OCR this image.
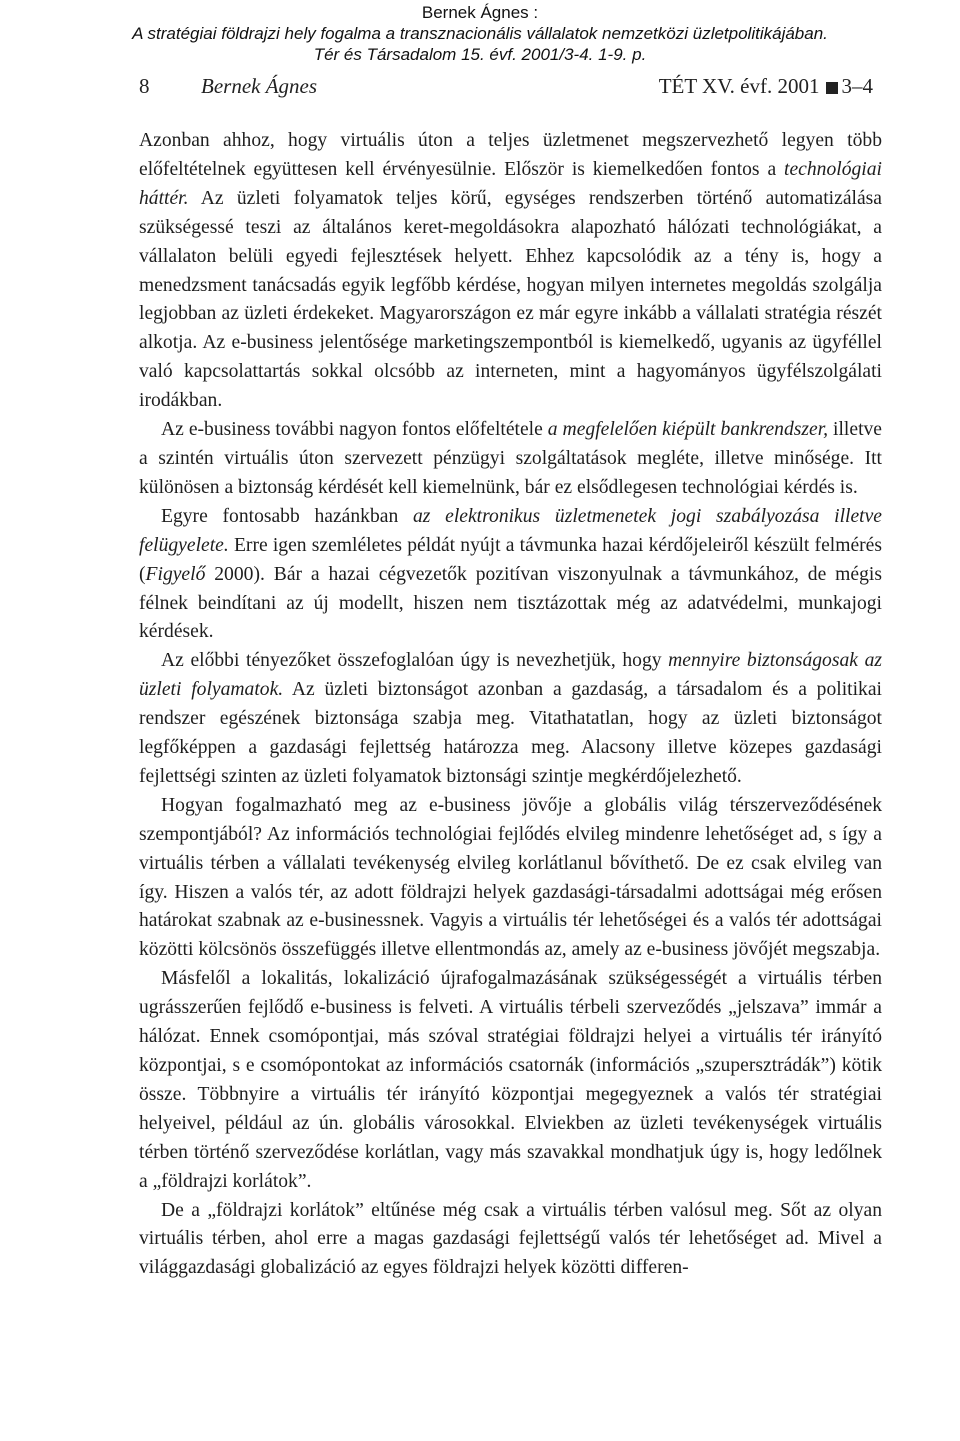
Bernek Ágnes :
A stratégiai földrajzi hely fogalma a transznacionális vállalatok nemzetközi üzletpolitikájában.
Tér és Társadalom 15. évf. 2001/3-4. 1-9. p.
8 Bernek Ágnes	TÉT XV. évf. 2001 3–4

Azonban ahhoz, hogy virtuális úton a teljes üzletmenet megszervezhető legyen több előfeltételnek együttesen kell érvényesülnie. Először is kiemelkedően fontos a technológiai háttér. Az üzleti folyamatok teljes körű, egységes rendszerben történő automatizálása szükségessé teszi az általános keret-megoldásokra alapozható hálózati technológiákat, a vállalaton belüli egyedi fejlesztések helyett. Ehhez kapcsolódik az a tény is, hogy a menedzsment tanácsadás egyik legfőbb kérdése, hogyan milyen internetes megoldás szolgálja legjobban az üzleti érdekeket. Magyarországon ez már egyre inkább a vállalati stratégia részét alkotja. Az e-business jelentősége marketingszempontból is kiemelkedő, ugyanis az ügyféllel való kapcsolattartás sokkal olcsóbb az interneten, mint a hagyományos ügyfélszolgálati irodákban.

Az e-business további nagyon fontos előfeltétele a megfelelően kiépült bankrendszer, illetve a szintén virtuális úton szervezett pénzügyi szolgáltatások megléte, illetve minősége. Itt különösen a biztonság kérdését kell kiemelnünk, bár ez elsődlegesen technológiai kérdés is.

Egyre fontosabb hazánkban az elektronikus üzletmenetek jogi szabályozása illetve felügyelete. Erre igen szemléletes példát nyújt a távmunka hazai kérdőjeleiről készült felmérés (Figyelő 2000). Bár a hazai cégvezetők pozitívan viszonyulnak a távmunkához, de mégis félnek beindítani az új modellt, hiszen nem tisztázottak még az adatvédelmi, munkajogi kérdések.

Az előbbi tényezőket összefoglalóan úgy is nevezhetjük, hogy mennyire biztonságosak az üzleti folyamatok. Az üzleti biztonságot azonban a gazdaság, a társadalom és a politikai rendszer egészének biztonsága szabja meg. Vitathatatlan, hogy az üzleti biztonságot legfőképpen a gazdasági fejlettség határozza meg. Alacsony illetve közepes gazdasági fejlettségi szinten az üzleti folyamatok biztonsági szintje megkérdőjelezhető.

Hogyan fogalmazható meg az e-business jövője a globális világ térszerveződésének szempontjából? Az információs technológiai fejlődés elvileg mindenre lehetőséget ad, s így a virtuális térben a vállalati tevékenység elvileg korlátlanul bővíthető. De ez csak elvileg van így. Hiszen a valós tér, az adott földrajzi helyek gazdasági-társadalmi adottságai még erősen határokat szabnak az e-businessnek. Vagyis a virtuális tér lehetőségei és a valós tér adottságai közötti kölcsönös összefüggés illetve ellentmondás az, amely az e-business jövőjét megszabja.

Másfelől a lokalitás, lokalizáció újrafogalmazásának szükségességét a virtuális térben ugrásszerűen fejlődő e-business is felveti. A virtuális térbeli szerveződés „jelszava” immár a hálózat. Ennek csomópontjai, más szóval stratégiai földrajzi helyei a virtuális tér irányító központjai, s e csomópontokat az információs csatornák (információs „szupersztrádák”) kötik össze. Többnyire a virtuális tér irányító központjai megegyeznek a valós tér stratégiai helyeivel, például az ún. globális városokkal. Elviekben az üzleti tevékenységek virtuális térben történő szerveződése korlátlan, vagy más szavakkal mondhatjuk úgy is, hogy ledőlnek a „földrajzi korlátok”.

De a „földrajzi korlátok” eltűnése még csak a virtuális térben valósul meg. Sőt az olyan virtuális térben, ahol erre a magas gazdasági fejlettségű valós tér lehetőséget ad. Mivel a világgazdasági globalizáció az egyes földrajzi helyek közötti differen-
